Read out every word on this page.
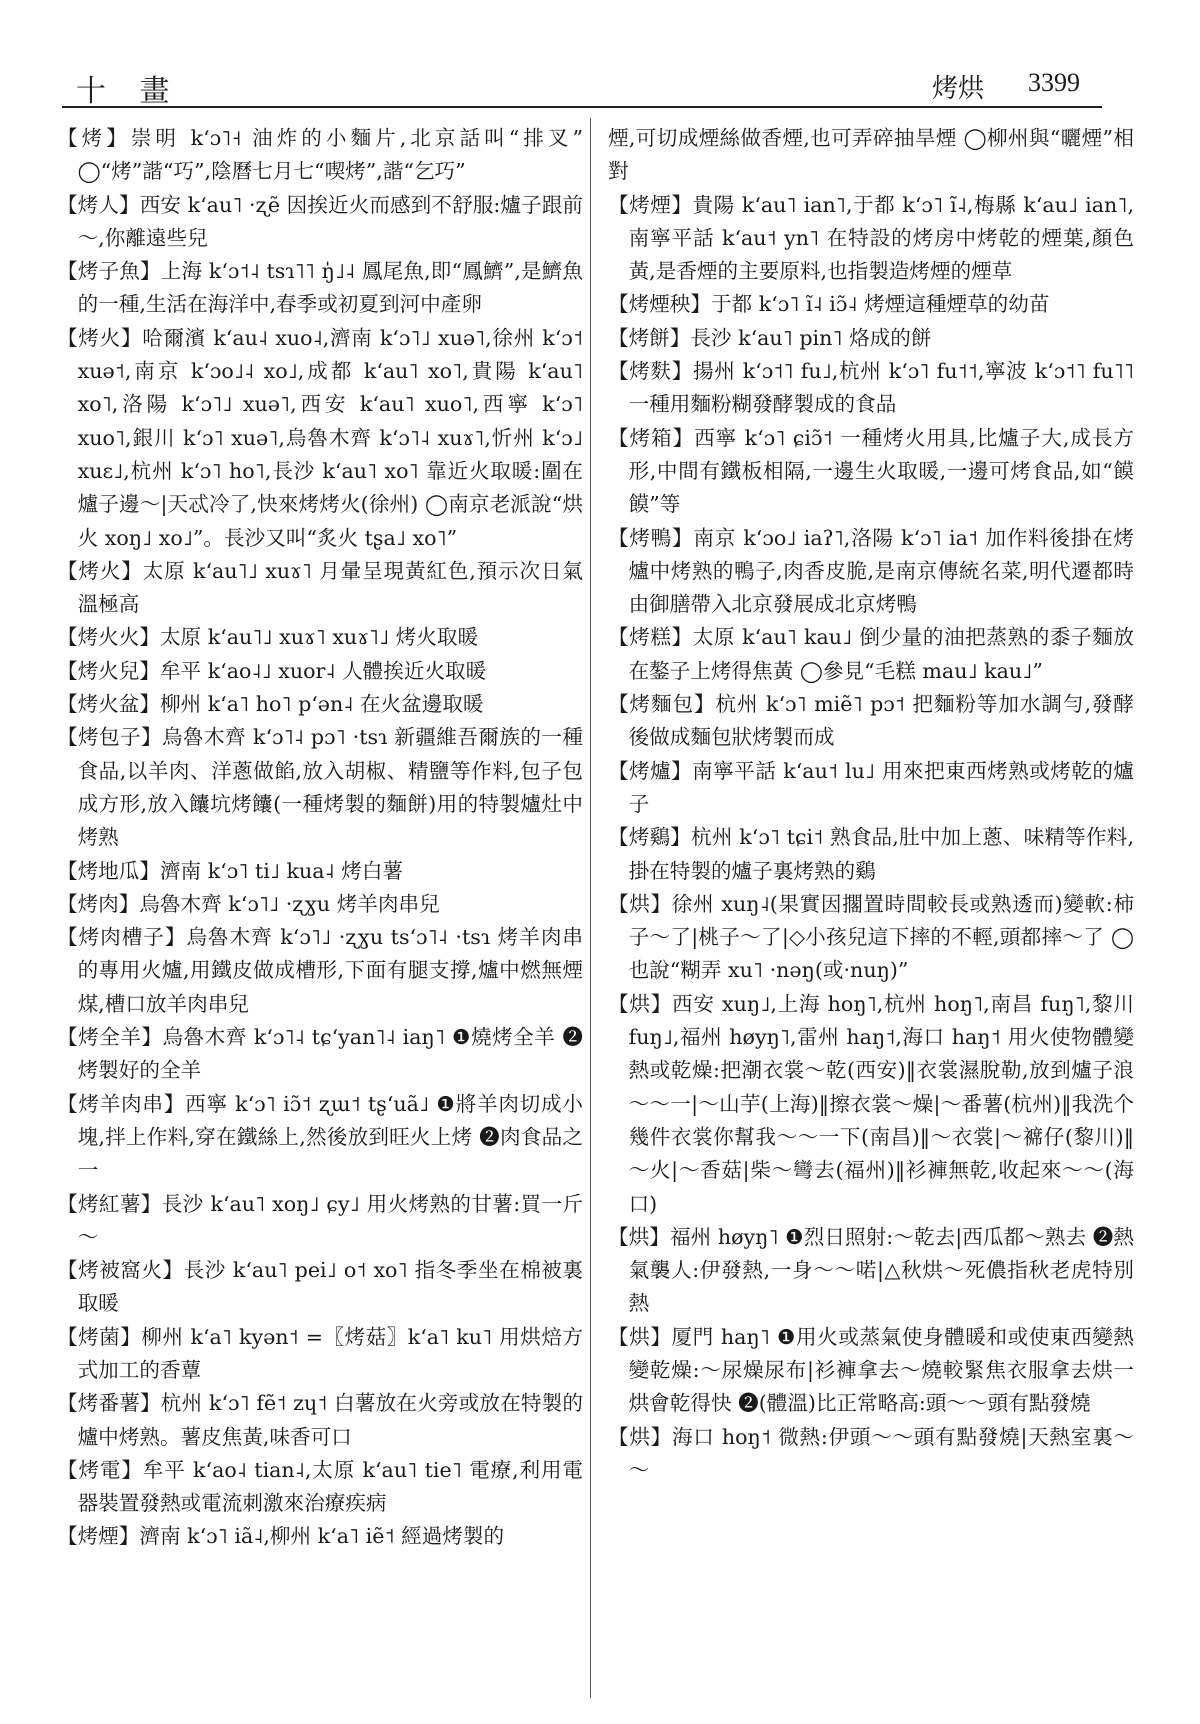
十 畫	烤烘 3399
【烤】崇明 kʻɔ˥˧ 油炸的小麵片,北京話叫“排叉” ◯“烤”諧“巧”,陰曆七月七“喫烤”,諧“乞巧”
【烤人】西安 kʻau˥ ·ʐẽ 因挨近火而感到不舒服:爐子跟前～,你離遠些兒
【烤子魚】上海 kʻɔ˦˨ tsɿ˥˥ ŋ̍˩˨ 鳳尾魚,即“鳳鱭”,是鱭魚的一種,生活在海洋中,春季或初夏到河中產卵
【烤火】哈爾濱 kʻau˨ xuo˨,濟南 kʻɔ˥˩ xuə˥,徐州 kʻɔ˦ xuə˦,南京 kʻɔo˩˨ xo˩,成都 kʻau˥ xo˥,貴陽 kʻau˥ xo˥,洛陽 kʻɔ˥˩ xuə˥,西安 kʻau˥ xuo˥,西寧 kʻɔ˥ xuo˥,銀川 kʻɔ˥ xuə˥,烏魯木齊 kʻɔ˥˨ xuɤ˥,忻州 kʻɔ˩ xuɛ˩,杭州 kʻɔ˥ ho˥,長沙 kʻau˥ xo˥ 靠近火取暖:圍在爐子邊～|天忒冷了,快來烤烤火(徐州) ◯南京老派說“烘火 xoŋ˩ xo˩”。長沙又叫“炙火 tʂa˩ xo˥”
【烤火】太原 kʻau˥˩ xuɤ˥ 月暈呈現黃紅色,預示次日氣溫極高
【烤火火】太原 kʻau˥˩ xuɤ˥ xuɤ˥˩ 烤火取暖
【烤火兒】牟平 kʻao˨˩ xuor˨ 人體挨近火取暖
【烤火盆】柳州 kʻa˥ ho˥ pʻən˨ 在火盆邊取暖
【烤包子】烏魯木齊 kʻɔ˥˨ pɔ˥ ·tsɿ 新疆維吾爾族的一種食品,以羊肉、洋蔥做餡,放入胡椒、精鹽等作料,包子包成方形,放入饢坑烤饢(一種烤製的麵餅)用的特製爐灶中烤熟
【烤地瓜】濟南 kʻɔ˥ ti˩ kua˨ 烤白薯
【烤肉】烏魯木齊 kʻɔ˥˩ ·ʐɣu 烤羊肉串兒
【烤肉槽子】烏魯木齊 kʻɔ˥˩ ·ʐɣu tsʻɔ˥˨ ·tsɿ 烤羊肉串的專用火爐,用鐵皮做成槽形,下面有腿支撐,爐中燃無煙煤,槽口放羊肉串兒
【烤全羊】烏魯木齊 kʻɔ˥˨ tɕʻyan˥˨ iaŋ˥ ❶燒烤全羊 ❷烤製好的全羊
【烤羊肉串】西寧 kʻɔ˥ iɔ̃˦ ʐɯ˦ tʂʻuã˩ ❶將羊肉切成小塊,拌上作料,穿在鐵絲上,然後放到旺火上烤 ❷肉食品之一
【烤紅薯】長沙 kʻau˥ xoŋ˩ ɕy˩ 用火烤熟的甘薯:買一斤～
【烤被窩火】長沙 kʻau˥ pei˩ o˦ xo˥ 指冬季坐在棉被裏取暖
【烤菌】柳州 kʻa˥ kyən˦ =〖烤菇〗kʻa˥ ku˥ 用烘焙方式加工的香蕈
【烤番薯】杭州 kʻɔ˥ fẽ˦ zɥ˦ 白薯放在火旁或放在特製的爐中烤熟。薯皮焦黃,味香可口
【烤電】牟平 kʻao˨ tian˨,太原 kʻau˥ tie˥ 電療,利用電器裝置發熱或電流刺激來治療疾病
【烤煙】濟南 kʻɔ˥ iã˨,柳州 kʻa˥ iẽ˦ 經過烤製的
煙,可切成煙絲做香煙,也可弄碎抽旱煙 ◯柳州與“曬煙”相對
【烤煙】貴陽 kʻau˥ ian˥,于都 kʻɔ˥ ĩ˨,梅縣 kʻau˩ ian˥,南寧平話 kʻau˦ yn˥ 在特設的烤房中烤乾的煙葉,顏色黃,是香煙的主要原料,也指製造烤煙的煙草
【烤煙秧】于都 kʻɔ˥ ĩ˨ iɔ̃˨ 烤煙這種煙草的幼苗
【烤餅】長沙 kʻau˥ pin˥ 烙成的餅
【烤麩】揚州 kʻɔ˦˥ fu˩,杭州 kʻɔ˥ fu˦˦,寧波 kʻɔ˦˥ fu˥˥ 一種用麵粉糊發酵製成的食品
【烤箱】西寧 kʻɔ˥ ɕiɔ̃˦ 一種烤火用具,比爐子大,成長方形,中間有鐵板相隔,一邊生火取暖,一邊可烤食品,如“饃饃”等
【烤鴨】南京 kʻɔo˩ iaʔ˥,洛陽 kʻɔ˥ ia˦ 加作料後掛在烤爐中烤熟的鴨子,肉香皮脆,是南京傳統名菜,明代遷都時由御膳帶入北京發展成北京烤鴨
【烤糕】太原 kʻau˥ kau˩ 倒少量的油把蒸熟的黍子麵放在鏊子上烤得焦黃 ◯參見“毛糕 mau˩ kau˩”
【烤麵包】杭州 kʻɔ˥ miẽ˥ pɔ˦ 把麵粉等加水調勻,發酵後做成麵包狀烤製而成
【烤爐】南寧平話 kʻau˦ lu˩ 用來把東西烤熟或烤乾的爐子
【烤鷄】杭州 kʻɔ˥ tɕi˦ 熟食品,肚中加上蔥、味精等作料,掛在特製的爐子裏烤熟的鷄
【烘】徐州 xuŋ˨(果實因擱置時間較長或熟透而)變軟:柿子～了|桃子～了|◇小孩兒這下摔的不輕,頭都摔～了 ◯也說“糊弄 xu˥ ·nəŋ(或·nuŋ)”
【烘】西安 xuŋ˩,上海 hoŋ˥,杭州 hoŋ˥,南昌 fuŋ˥,黎川 fuŋ˩,福州 høyŋ˥,雷州 haŋ˦,海口 haŋ˦ 用火使物體變熱或乾燥:把潮衣裳～乾(西安)‖衣裳濕脫勒,放到爐子浪～～一|～山芋(上海)‖擦衣裳～燥|～番薯(杭州)‖我洗个幾件衣裳你幫我～～一下(南昌)‖～衣裳|～褯仔(黎川)‖～火|～香菇|柴～彎去(福州)‖衫褲無乾,收起來～～(海口)
【烘】福州 høyŋ˥ ❶烈日照射:～乾去|西瓜都～熟去 ❷熱氣襲人:伊發熱,一身～～喏|△秋烘～死儂指秋老虎特別熱
【烘】厦門 haŋ˥ ❶用火或蒸氣使身體暖和或使東西變熱變乾燥:～尿燥尿布|衫褲拿去～燒較緊焦衣服拿去烘一烘會乾得快 ❷(體溫)比正常略高:頭～～頭有點發燒
【烘】海口 hoŋ˦ 微熱:伊頭～～頭有點發燒|天熱室裏～～
